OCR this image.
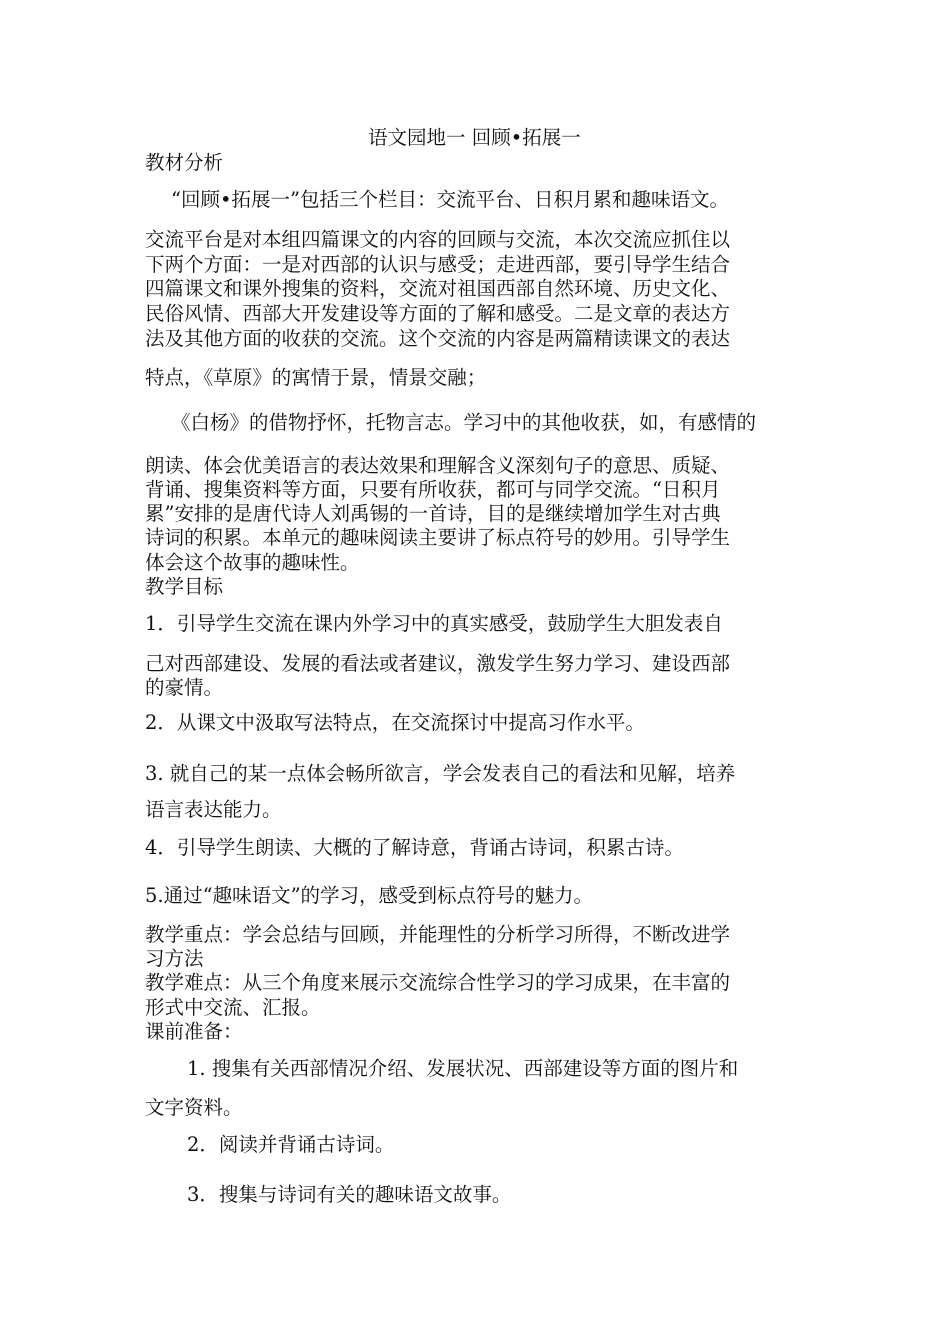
语文园地一 回顾•拓展一

教材分析

“回顾•拓展一”包括三个栏目：交流平台、日积月累和趣味语文。

交流平台是对本组四篇课文的内容的回顾与交流，本次交流应抓住以

下两个方面：一是对西部的认识与感受；走进西部，要引导学生结合

四篇课文和课外搜集的资料，交流对祖国西部自然环境、历史文化、

民俗风情、西部大开发建设等方面的了解和感受。二是文章的表达方

法及其他方面的收获的交流。这个交流的内容是两篇精读课文的表达

特点，《草原》的寓情于景，情景交融；

《白杨》的借物抒怀，托物言志。学习中的其他收获，如，有感情的

朗读、体会优美语言的表达效果和理解含义深刻句子的意思、质疑、

背诵、搜集资料等方面，只要有所收获，都可与同学交流。“日积月

累”安排的是唐代诗人刘禹锡的一首诗，目的是继续增加学生对古典

诗词的积累。本单元的趣味阅读主要讲了标点符号的妙用。引导学生

体会这个故事的趣味性。

教学目标

1．引导学生交流在课内外学习中的真实感受，鼓励学生大胆发表自

己对西部建设、发展的看法或者建议，激发学生努力学习、建设西部

的豪情。

2．从课文中汲取写法特点，在交流探讨中提高习作水平。

3. 就自己的某一点体会畅所欲言，学会发表自己的看法和见解，培养

语言表达能力。

4．引导学生朗读、大概的了解诗意，背诵古诗词，积累古诗。

5.通过“趣味语文”的学习，感受到标点符号的魅力。

教学重点：学会总结与回顾，并能理性的分析学习所得，不断改进学

习方法

教学难点：从三个角度来展示交流综合性学习的学习成果，在丰富的

形式中交流、汇报。

课前准备：

1. 搜集有关西部情况介绍、发展状况、西部建设等方面的图片和

文字资料。

2．阅读并背诵古诗词。

3．搜集与诗词有关的趣味语文故事。
